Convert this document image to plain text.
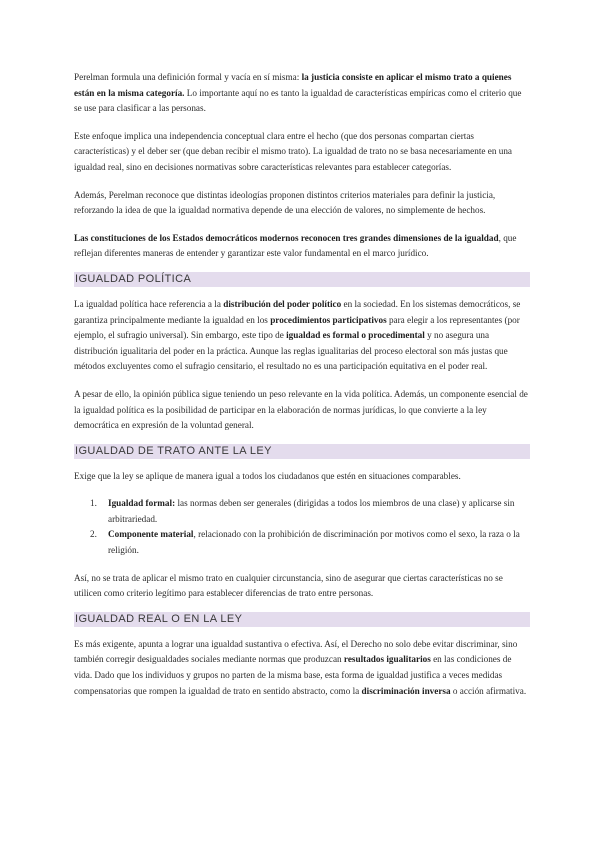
Perelman formula una definición formal y vacía en sí misma: la justicia consiste en aplicar el mismo trato a quienes están en la misma categoría. Lo importante aquí no es tanto la igualdad de características empíricas como el criterio que se use para clasificar a las personas.

Este enfoque implica una independencia conceptual clara entre el hecho (que dos personas compartan ciertas características) y el deber ser (que deban recibir el mismo trato). La igualdad de trato no se basa necesariamente en una igualdad real, sino en decisiones normativas sobre características relevantes para establecer categorías.

Además, Perelman reconoce que distintas ideologías proponen distintos criterios materiales para definir la justicia, reforzando la idea de que la igualdad normativa depende de una elección de valores, no simplemente de hechos.

Las constituciones de los Estados democráticos modernos reconocen tres grandes dimensiones de la igualdad, que reflejan diferentes maneras de entender y garantizar este valor fundamental en el marco jurídico.

IGUALDAD POLÍTICA

La igualdad política hace referencia a la distribución del poder político en la sociedad. En los sistemas democráticos, se garantiza principalmente mediante la igualdad en los procedimientos participativos para elegir a los representantes (por ejemplo, el sufragio universal). Sin embargo, este tipo de igualdad es formal o procedimental y no asegura una distribución igualitaria del poder en la práctica. Aunque las reglas igualitarias del proceso electoral son más justas que métodos excluyentes como el sufragio censitario, el resultado no es una participación equitativa en el poder real.

A pesar de ello, la opinión pública sigue teniendo un peso relevante en la vida política. Además, un componente esencial de la igualdad política es la posibilidad de participar en la elaboración de normas jurídicas, lo que convierte a la ley democrática en expresión de la voluntad general.

IGUALDAD DE TRATO ANTE LA LEY

Exige que la ley se aplique de manera igual a todos los ciudadanos que estén en situaciones comparables.

1. Igualdad formal: las normas deben ser generales (dirigidas a todos los miembros de una clase) y aplicarse sin arbitrariedad.
2. Componente material, relacionado con la prohibición de discriminación por motivos como el sexo, la raza o la religión.

Así, no se trata de aplicar el mismo trato en cualquier circunstancia, sino de asegurar que ciertas características no se utilicen como criterio legítimo para establecer diferencias de trato entre personas.

IGUALDAD REAL O EN LA LEY

Es más exigente, apunta a lograr una igualdad sustantiva o efectiva. Así, el Derecho no solo debe evitar discriminar, sino también corregir desigualdades sociales mediante normas que produzcan resultados igualitarios en las condiciones de vida. Dado que los individuos y grupos no parten de la misma base, esta forma de igualdad justifica a veces medidas compensatorias que rompen la igualdad de trato en sentido abstracto, como la discriminación inversa o acción afirmativa.
